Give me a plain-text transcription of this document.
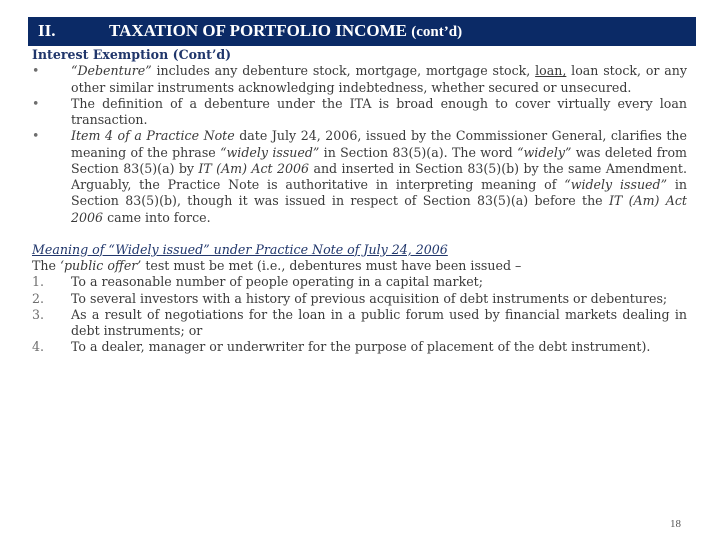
II.	TAXATION OF PORTFOLIO INCOME (cont’d)
Interest Exemption (Cont’d)
•	“Debenture” includes any debenture stock, mortgage, mortgage stock, loan, loan stock, or any other similar instruments acknowledging indebtedness, whether secured or unsecured.
•	The definition of a debenture under the ITA is broad enough to cover virtually every loan transaction.
•	Item 4 of a Practice Note date July 24, 2006, issued by the Commissioner General, clarifies the meaning of the phrase “widely issued” in Section 83(5)(a). The word “widely” was deleted from Section 83(5)(a) by IT (Am) Act 2006 and inserted in Section 83(5)(b) by the same Amendment. Arguably, the Practice Note is authoritative in interpreting meaning of “widely issued” in Section 83(5)(b), though it was issued in respect of Section 83(5)(a) before the IT (Am) Act 2006 came into force.
Meaning of “Widely issued” under Practice Note of July 24, 2006
The ‘public offer’ test must be met (i.e., debentures must have been issued –
1. To a reasonable number of people operating in a capital market;
2. To several investors with a history of previous acquisition of debt instruments or debentures;
3. As a result of negotiations for the loan in a public forum used by financial markets dealing in debt instruments; or
4. To a dealer, manager or underwriter for the purpose of placement of the debt instrument).
18
